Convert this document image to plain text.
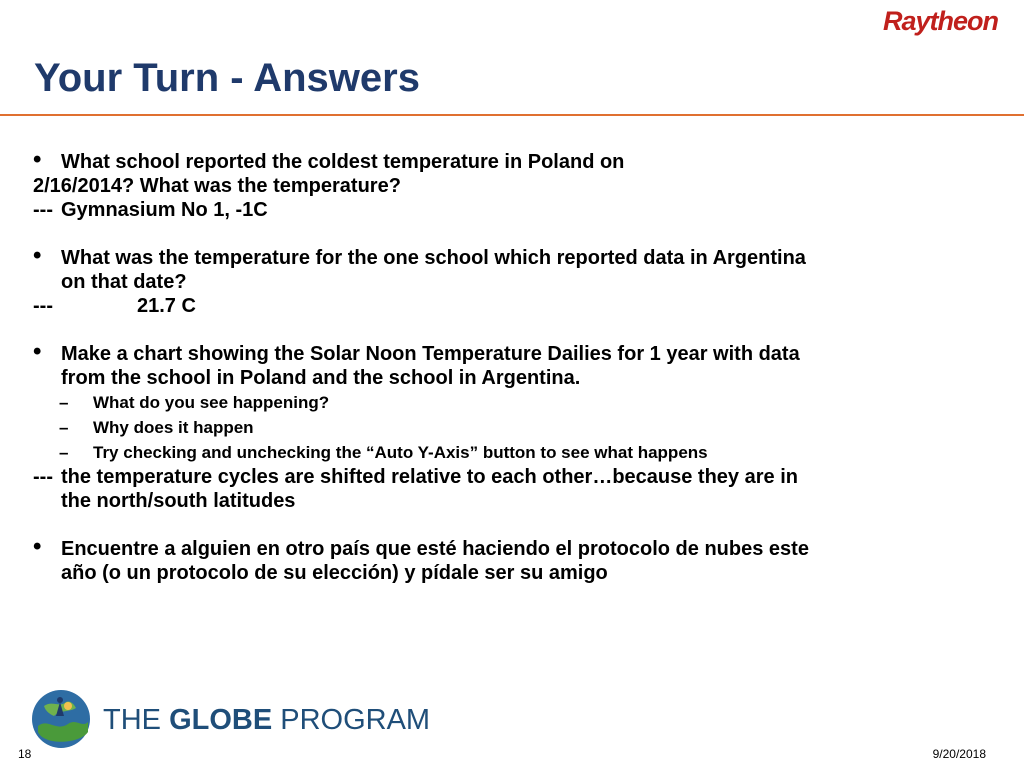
Raytheon
Your Turn - Answers
• What school reported the coldest temperature in Poland on
2/16/2014? What was the temperature?
--- Gymnasium No 1, -1C
• What was the temperature for the one school which reported data in Argentina
on that date?
---	21.7 C
• Make a chart showing the Solar Noon Temperature Dailies for 1 year with data
from the school in Poland and the school in Argentina.
– What do you see happening?
– Why does it happen
– Try checking and unchecking the “Auto Y-Axis” button to see what happens
--- the temperature cycles are shifted relative to each other…because they are in
the north/south latitudes
• Encuentre a alguien en otro país que esté haciendo el protocolo de nubes este
año (o un protocolo de su elección) y pídale ser su amigo
THE GLOBE PROGRAM
18	9/20/2018
